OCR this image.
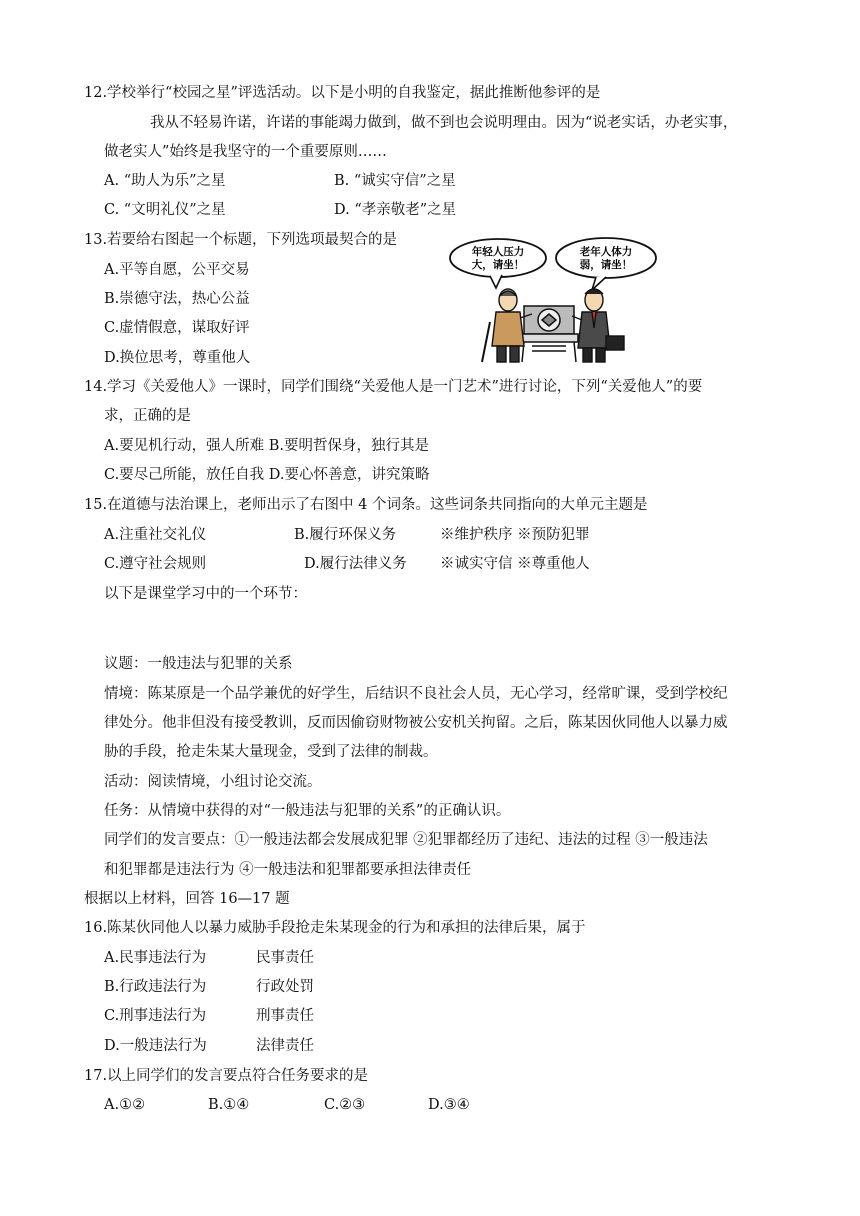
12.学校举行“校园之星”评选活动。以下是小明的自我鉴定，据此推断他参评的是
我从不轻易许诺，许诺的事能竭力做到，做不到也会说明理由。因为“说老实话，办老实事，
做老实人”始终是我坚守的一个重要原则……
A. “助人为乐”之星	B. “诚实守信”之星
C. “文明礼仪”之星	D. “孝亲敬老”之星
13.若要给右图起一个标题，下列选项最契合的是
A.平等自愿，公平交易
B.崇德守法，热心公益
C.虚情假意，谋取好评
D.换位思考，尊重他人
年轻人压力
大，请坐！
老年人体力
弱，请坐！
14.学习《关爱他人》一课时，同学们围绕“关爱他人是一门艺术”进行讨论，下列“关爱他人”的要
求，正确的是
A.要见机行动，强人所难 B.要明哲保身，独行其是
C.要尽己所能，放任自我 D.要心怀善意，讲究策略
15.在道德与法治课上，老师出示了右图中 4 个词条。这些词条共同指向的大单元主题是
A.注重社交礼仪	B.履行环保义务	※维护秩序 ※预防犯罪
C.遵守社会规则	D.履行法律义务 ※诚实守信 ※尊重他人
以下是课堂学习中的一个环节：
议题：一般违法与犯罪的关系
情境：陈某原是一个品学兼优的好学生，后结识不良社会人员，无心学习，经常旷课，受到学校纪
律处分。他非但没有接受教训，反而因偷窃财物被公安机关拘留。之后，陈某因伙同他人以暴力威
胁的手段，抢走朱某大量现金，受到了法律的制裁。
活动：阅读情境，小组讨论交流。
任务：从情境中获得的对“一般违法与犯罪的关系”的正确认识。
同学们的发言要点：①一般违法都会发展成犯罪 ②犯罪都经历了违纪、违法的过程 ③一般违法
和犯罪都是违法行为 ④一般违法和犯罪都要承担法律责任
根据以上材料，回答 16—17 题
16.陈某伙同他人以暴力威胁手段抢走朱某现金的行为和承担的法律后果，属于
A.民事违法行为	民事责任
B.行政违法行为	行政处罚
C.刑事违法行为	刑事责任
D.一般违法行为	法律责任
17.以上同学们的发言要点符合任务要求的是
A.①②	B.①④	C.②③	D.③④
